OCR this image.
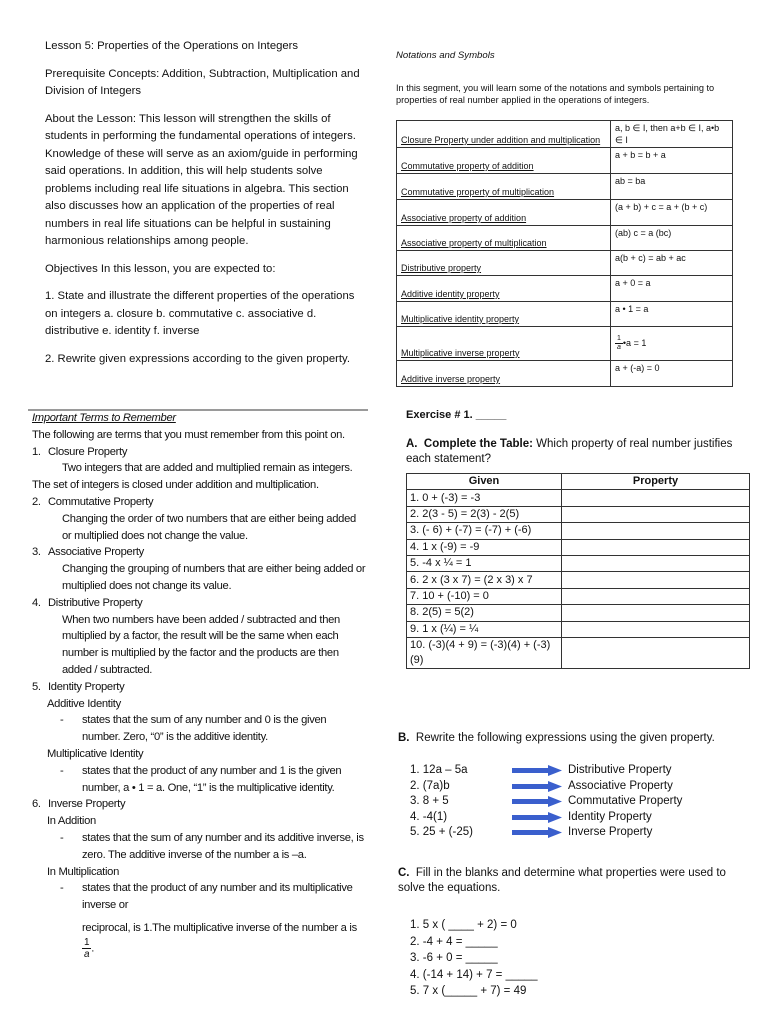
Lesson 5: Properties of the Operations on Integers

Prerequisite Concepts: Addition, Subtraction, Multiplication and Division of Integers

About the Lesson: This lesson will strengthen the skills of students in performing the fundamental operations of integers. Knowledge of these will serve as an axiom/guide in performing said operations. In addition, this will help students solve problems including real life situations in algebra. This section also discusses how an application of the properties of real numbers in real life situations can be helpful in sustaining harmonious relationships among people.

Objectives In this lesson, you are expected to:

1. State and illustrate the different properties of the operations on integers a. closure b. commutative c. associative d. distributive e. identity f. inverse

2. Rewrite given expressions according to the given property.

Notations and Symbols
In this segment, you will learn some of the notations and symbols pertaining to properties of real number applied in the operations of integers.
Closure Property under addition and multiplication	a, b ∈ I, then a+b ∈ I, a•b ∈ I
Commutative property of addition	a + b = b + a
Commutative property of multiplication	ab = ba
Associative property of addition	(a + b) + c = a + (b + c)
Associative property of multiplication	(ab) c = a (bc)
Distributive property	a(b + c) = ab + ac
Additive identity property	a + 0 = a
Multiplicative identity property	a • 1 = a
Multiplicative inverse property	$\frac{1}{a}$ •a = 1
Additive inverse property	a + (-a) = 0
Important Terms to Remember
The following are terms that you must remember from this point on.
1. Closure Property
Two integers that are added and multiplied remain as integers. The set of integers is closed under addition and multiplication.
2. Commutative Property
Changing the order of two numbers that are either being added or multiplied does not change the value.
3. Associative Property
Changing the grouping of numbers that are either being added or multiplied does not change its value.
4. Distributive Property
When two numbers have been added / subtracted and then multiplied by a factor, the result will be the same when each number is multiplied by the factor and the products are then added / subtracted.
5. Identity Property
Additive Identity
- states that the sum of any number and 0 is the given number. Zero, “0” is the additive identity.
Multiplicative Identity
- states that the product of any number and 1 is the given number, a • 1 = a. One, “1” is the multiplicative identity.
6. Inverse Property
In Addition
- states that the sum of any number and its additive inverse, is zero. The additive inverse of the number a is –a.
In Multiplication
- states that the product of any number and its multiplicative inverse or
reciprocal, is 1.The multiplicative inverse of the number a is
$\frac{1}{a}$ .
Exercise # 1. _____
A. Complete the Table: Which property of real number justifies each statement?
Given	Property
1. 0 + (-3) = -3	
2. 2(3 - 5) = 2(3) - 2(5)	
3. (- 6) + (-7) = (-7) + (-6)	
4. 1 x (-9) = -9	
5. -4 x ¼ = 1	
6. 2 x (3 x 7) = (2 x 3) x 7	
7. 10 + (-10) = 0	
8. 2(5) = 5(2)	
9. 1 x (¼) = ¼	
10. (-3)(4 + 9) = (-3)(4) + (-3)(9)	
B. Rewrite the following expressions using the given property.
1. 12a – 5a	Distributive Property
2. (7a)b	Associative Property
3. 8 + 5	Commutative Property
4. -4(1)	Identity Property
5. 25 + (-25)	Inverse Property
C. Fill in the blanks and determine what properties were used to solve the equations.
1. 5 x ( ____ + 2) = 0
2. -4 + 4 = _____
3. -6 + 0 = _____
4. (-14 + 14) + 7 = _____
5. 7 x (_____ + 7) = 49
